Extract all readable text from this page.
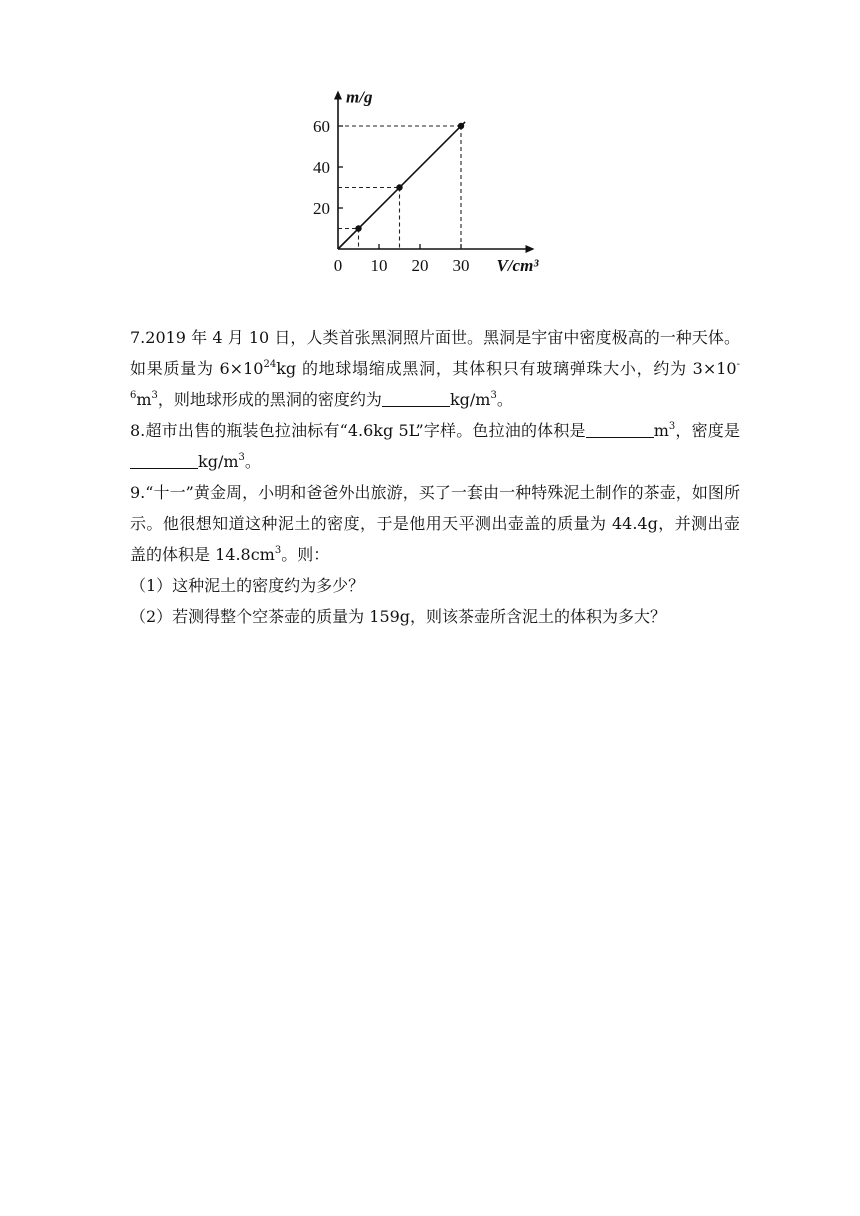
0 10 20 30
20
40
60
m/g
V/cm³

7.2019 年 4 月 10 日，人类首张黑洞照片面世。黑洞是宇宙中密度极高的一种天体。如果质量为 $6\times 10^{24}kg$ 的地球塌缩成黑洞，其体积只有玻璃弹珠大小，约为 $3\times 10^{-6}m^3$，则地球形成的黑洞的密度约为	$kg/m^3$。

8.超市出售的瓶装色拉油标有“4.6kg 5L”字样。色拉油的体积是	$m^3$，密度是$kg/m^3$。

9.“十一”黄金周，小明和爸爸外出旅游，买了一套由一种特殊泥土制作的茶壶，如图所示。他很想知道这种泥土的密度，于是他用天平测出壶盖的质量为 44.4g，并测出壶盖的体积是 $14.8cm^3$。则：

（1）这种泥土的密度约为多少？

（2）若测得整个空茶壶的质量为 159g，则该茶壶所含泥土的体积为多大？
